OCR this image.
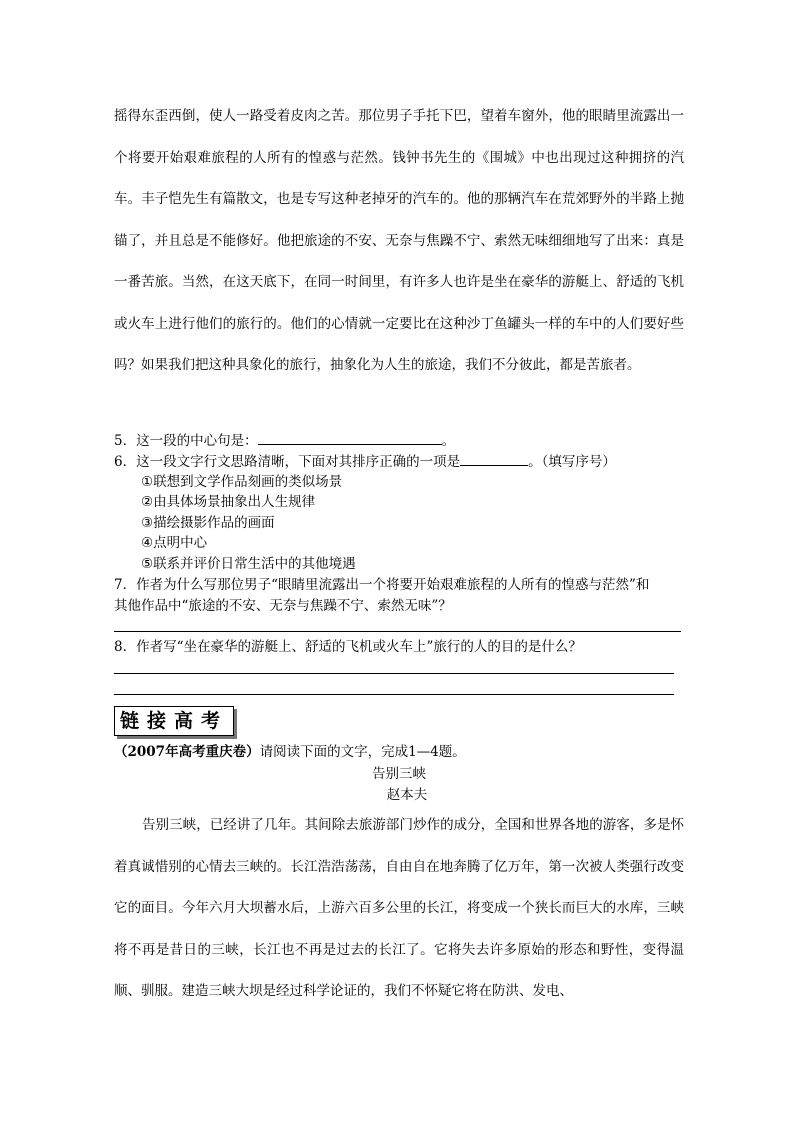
摇得东歪西倒，使人一路受着皮肉之苦。那位男子手托下巴，望着车窗外，他的眼睛里流露出一个将要开始艰难旅程的人所有的惶惑与茫然。钱钟书先生的《围城》中也出现过这种拥挤的汽车。丰子恺先生有篇散文，也是专写这种老掉牙的汽车的。他的那辆汽车在荒郊野外的半路上抛锚了，并且总是不能修好。他把旅途的不安、无奈与焦躁不宁、索然无味细细地写了出来：真是一番苦旅。当然，在这天底下，在同一时间里，有许多人也许是坐在豪华的游艇上、舒适的飞机或火车上进行他们的旅行的。他们的心情就一定要比在这种沙丁鱼罐头一样的车中的人们要好些吗？如果我们把这种具象化的旅行，抽象化为人生的旅途，我们不分彼此，都是苦旅者。
5．这一段的中心句是：	。
6．这一段文字行文思路清晰，下面对其排序正确的一项是	。（填写序号）
①联想到文学作品刻画的类似场景
②由具体场景抽象出人生规律
③描绘摄影作品的画面
④点明中心
⑤联系并评价日常生活中的其他境遇
7．作者为什么写那位男子“眼睛里流露出一个将要开始艰难旅程的人所有的惶惑与茫然”和
其他作品中“旅途的不安、无奈与焦躁不宁、索然无味”？
8．作者写“坐在豪华的游艇上、舒适的飞机或火车上”旅行的人的目的是什么？
链接高考
（2007年高考重庆卷）请阅读下面的文字，完成1—4题。
告别三峡
赵本夫
告别三峡，已经讲了几年。其间除去旅游部门炒作的成分，全国和世界各地的游客，多是怀着真诚惜别的心情去三峡的。长江浩浩荡荡，自由自在地奔腾了亿万年，第一次被人类强行改变它的面目。今年六月大坝蓄水后，上游六百多公里的长江，将变成一个狭长而巨大的水库，三峡将不再是昔日的三峡，长江也不再是过去的长江了。它将失去许多原始的形态和野性，变得温顺、驯服。建造三峡大坝是经过科学论证的，我们不怀疑它将在防洪、发电、
